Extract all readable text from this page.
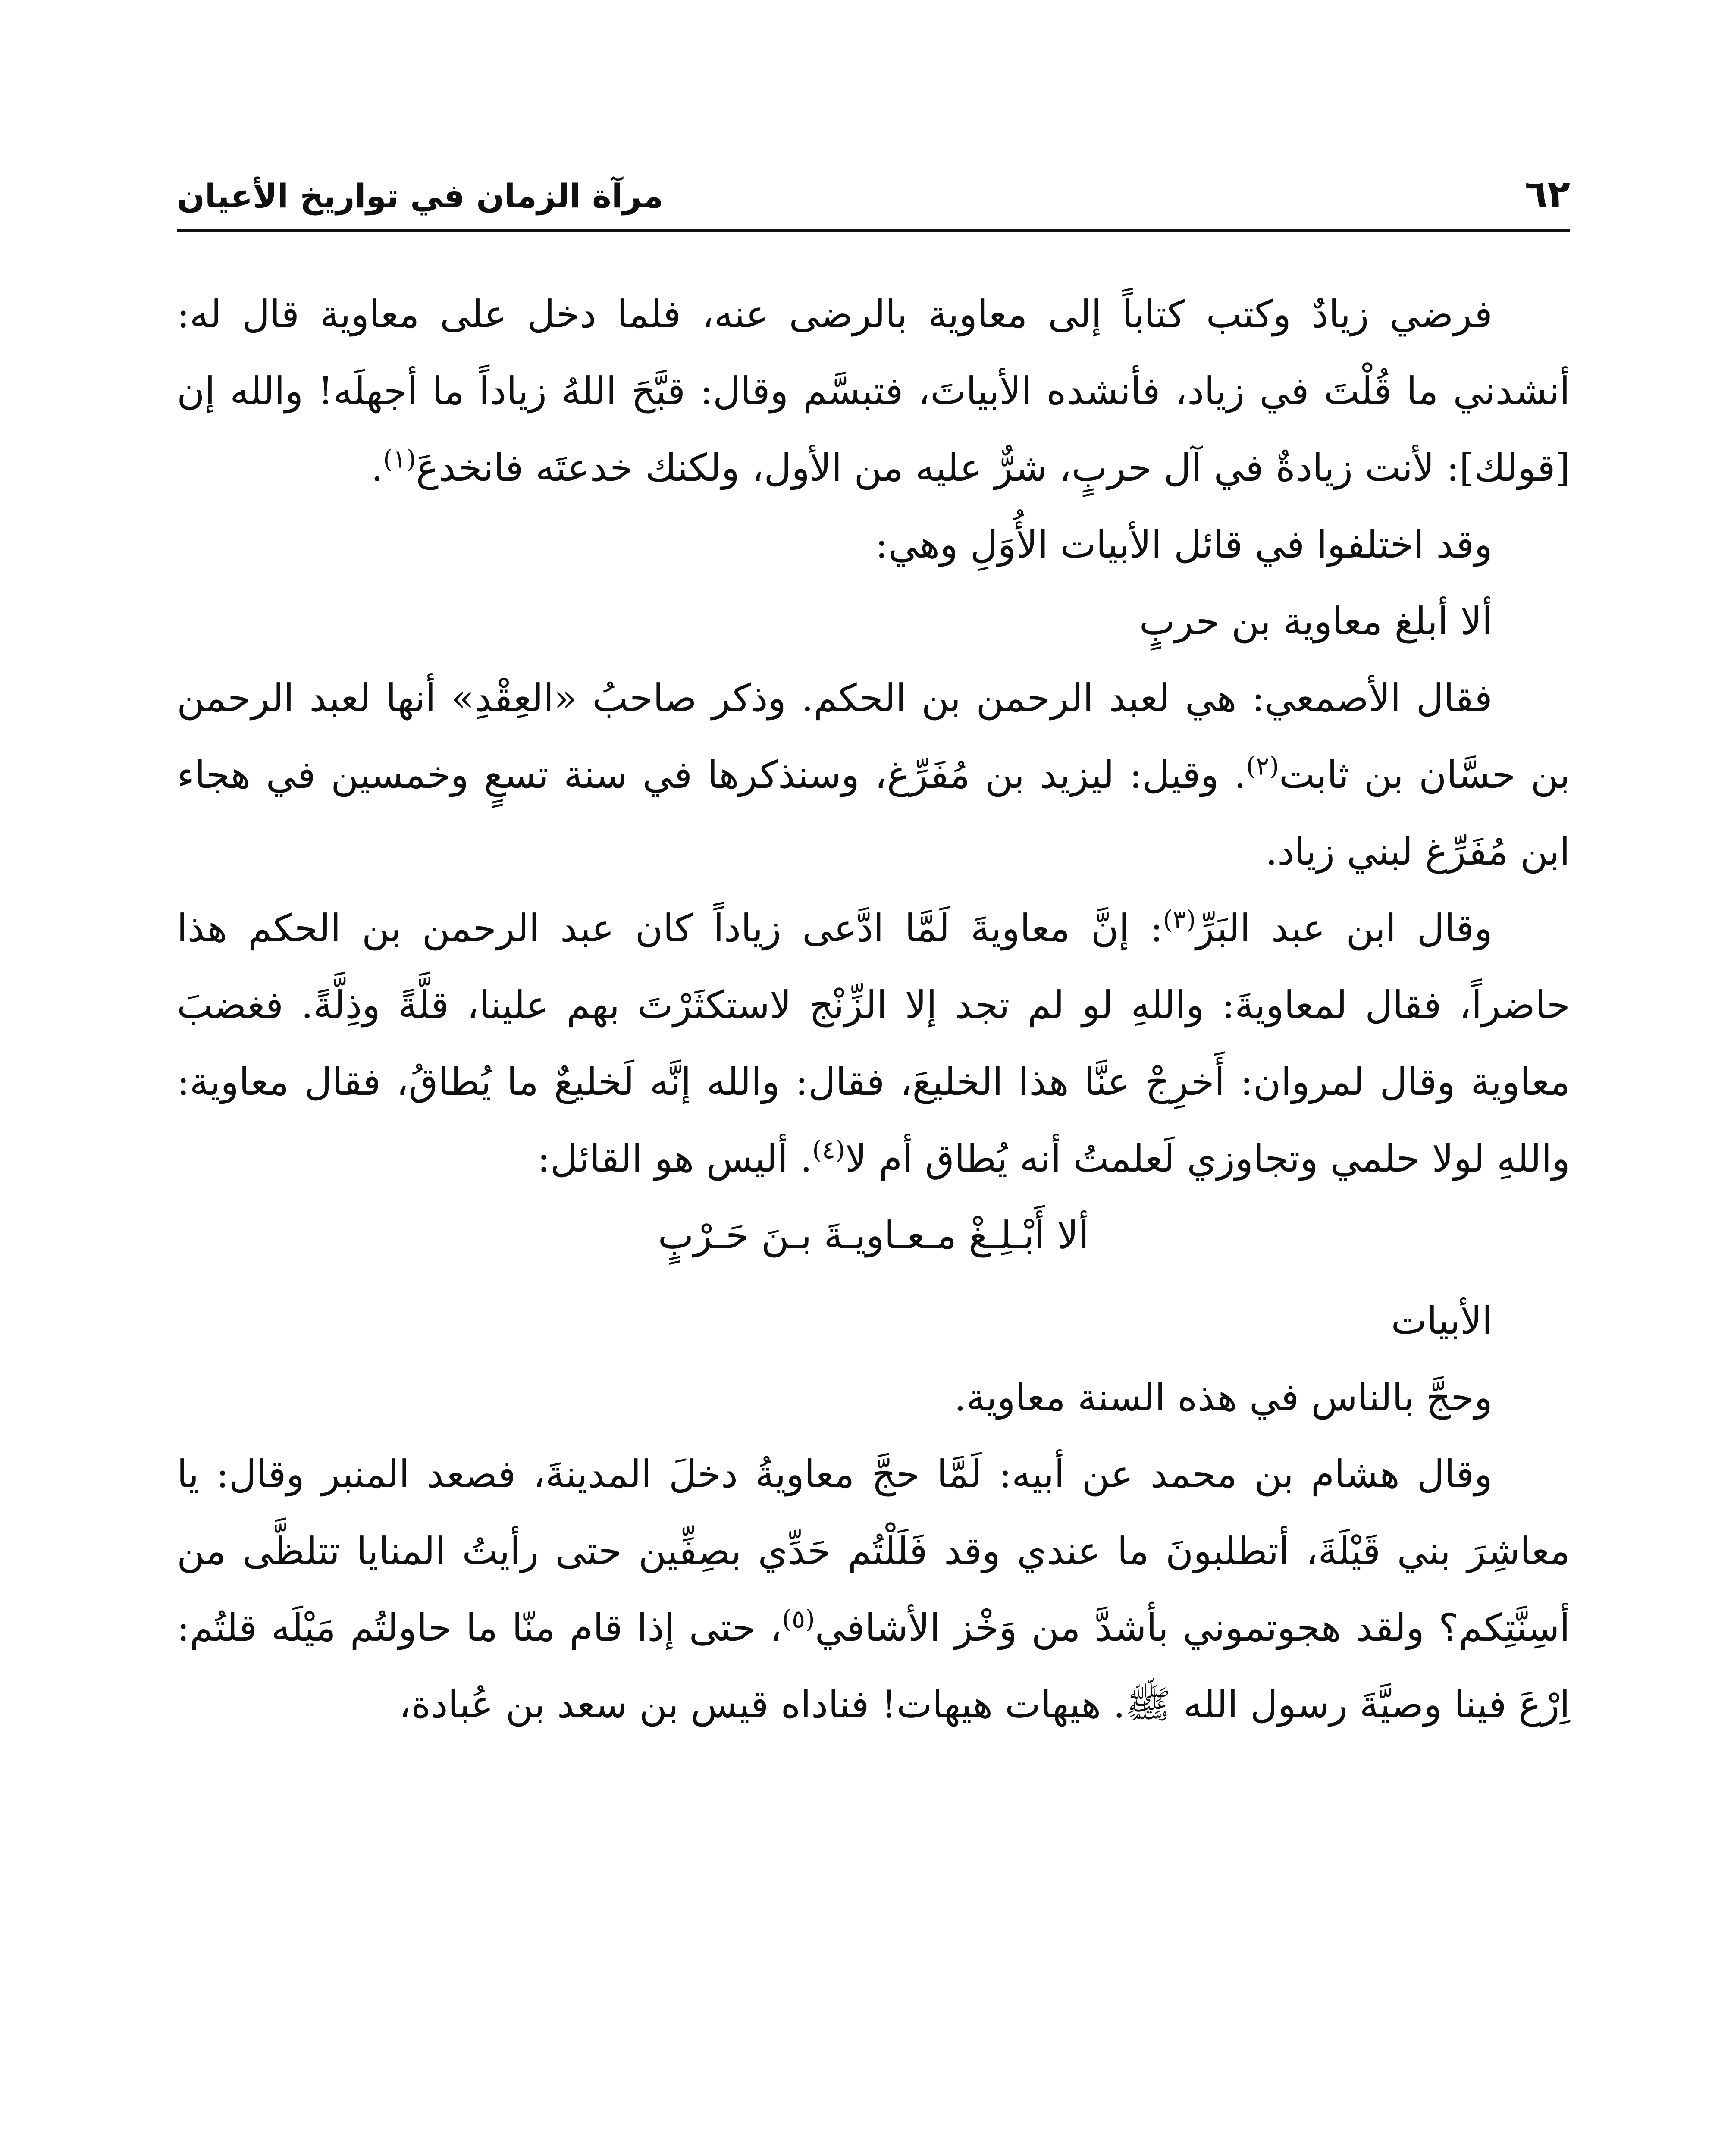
٦٢
مرآة الزمان في تواريخ الأعيان

فرضي زيادٌ وكتب كتاباً إلى معاوية بالرضى عنه، فلما دخل على معاوية قال له: أنشدني ما قُلْتَ في زياد، فأنشده الأبياتَ، فتبسَّم وقال: قبَّحَ اللهُ زياداً ما أجهلَه! والله إن [قولك]: لأنت زيادةٌ في آل حربٍ، شرٌّ عليه من الأول، ولكنك خدعتَه فانخدعَ$^{(١)}$.

وقد اختلفوا في قائل الأبيات الأُوَلِ وهي:

ألا أبلغ معاوية بن حربٍ

فقال الأصمعي: هي لعبد الرحمن بن الحكم. وذكر صاحبُ «العِقْدِ» أنها لعبد الرحمن بن حسَّان بن ثابت$^{(٢)}$. وقيل: ليزيد بن مُفَرِّغ، وسنذكرها في سنة تسعٍ وخمسين في هجاء ابن مُفَرِّغ لبني زياد.

وقال ابن عبد البَرِّ$^{(٣)}$: إنَّ معاويةَ لَمَّا ادَّعى زياداً كان عبد الرحمن بن الحكم هذا حاضراً، فقال لمعاويةَ: واللهِ لو لم تجد إلا الزِّنْج لاستكثَرْتَ بهم علينا، قلَّةً وذِلَّةً. فغضبَ معاوية وقال لمروان: أَخرِجْ عنَّا هذا الخليعَ، فقال: والله إنَّه لَخليعٌ ما يُطاقُ، فقال معاوية: واللهِ لولا حلمي وتجاوزي لَعلمتُ أنه يُطاق أم لا$^{(٤)}$. أليس هو القائل:

ألا أَبْـلِـغْ مـعـاويـةَ بـنَ حَـرْبٍ

الأبيات

وحجَّ بالناس في هذه السنة معاوية.

وقال هشام بن محمد عن أبيه: لَمَّا حجَّ معاويةُ دخلَ المدينةَ، فصعد المنبر وقال: يا معاشِرَ بني قَيْلَةَ، أتطلبونَ ما عندي وقد فَلَلْتُم حَدِّي بصِفِّين حتى رأيتُ المنايا تتلظَّى من أسِنَّتِكم؟ ولقد هجوتموني بأشدَّ من وَخْز الأشافي$^{(٥)}$، حتى إذا قام منّا ما حاولتُم مَيْلَه قلتُم: اِرْعَ فينا وصيَّةَ رسول الله ﷺ. هيهات هيهات! فناداه قيس بن سعد بن عُبادة،
